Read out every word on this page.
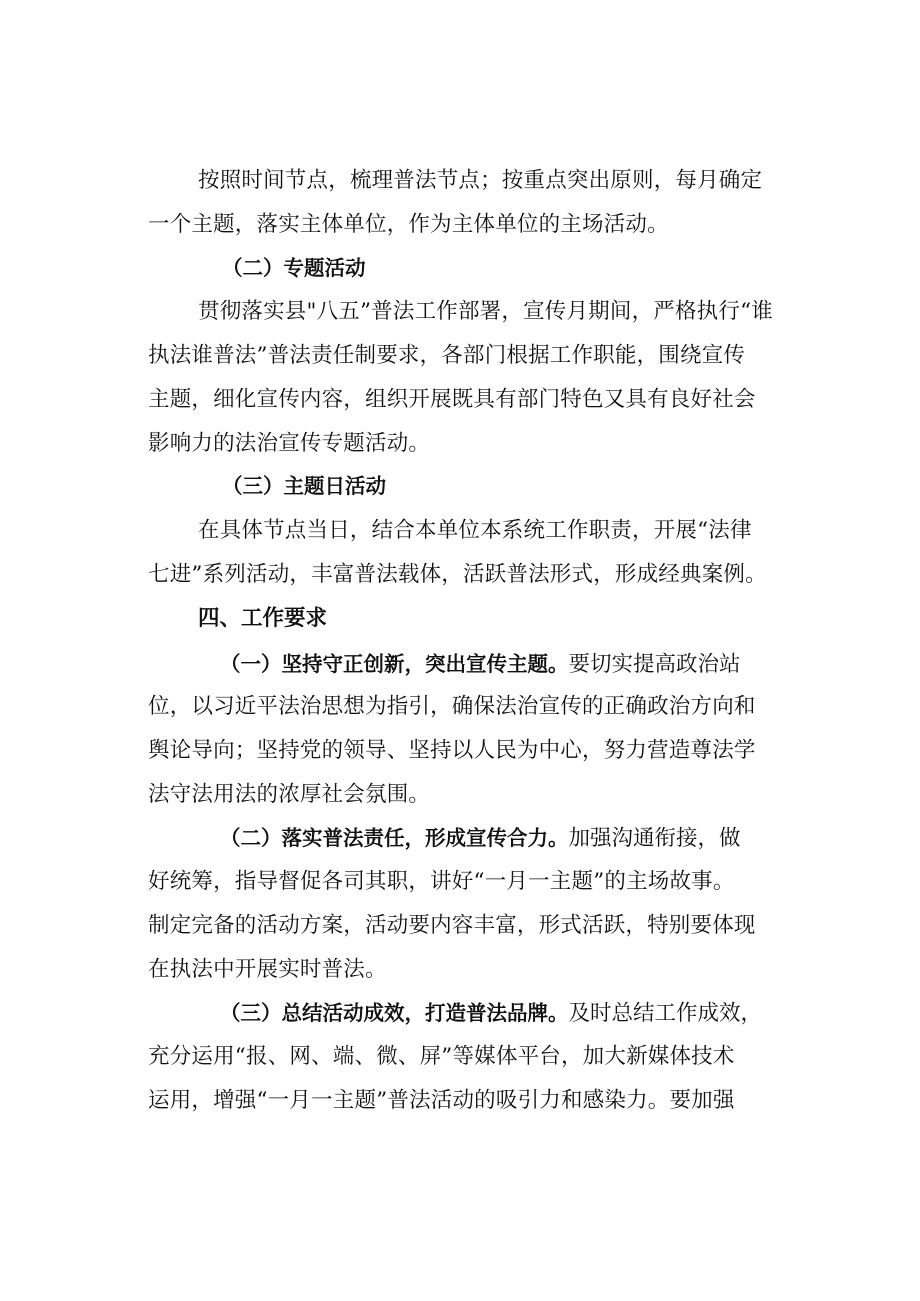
按照时间节点，梳理普法节点；按重点突出原则，每月确定

一个主题，落实主体单位，作为主体单位的主场活动。

（二）专题活动

贯彻落实县"八五”普法工作部署，宣传月期间，严格执行“谁

执法谁普法”普法责任制要求，各部门根据工作职能，围绕宣传

主题，细化宣传内容，组织开展既具有部门特色又具有良好社会

影响力的法治宣传专题活动。

（三）主题日活动

在具体节点当日，结合本单位本系统工作职责，开展“法律

七进”系列活动，丰富普法载体，活跃普法形式，形成经典案例。

四、工作要求

（一）坚持守正创新，突出宣传主题。要切实提高政治站

位，以习近平法治思想为指引，确保法治宣传的正确政治方向和

舆论导向；坚持党的领导、坚持以人民为中心，努力营造尊法学

法守法用法的浓厚社会氛围。

（二）落实普法责任，形成宣传合力。加强沟通衔接，做

好统筹，指导督促各司其职，讲好“一月一主题”的主场故事。

制定完备的活动方案，活动要内容丰富，形式活跃，特别要体现

在执法中开展实时普法。

（三）总结活动成效，打造普法品牌。及时总结工作成效，

充分运用“报、网、端、微、屏”等媒体平台，加大新媒体技术

运用，增强“一月一主题”普法活动的吸引力和感染力。要加强
